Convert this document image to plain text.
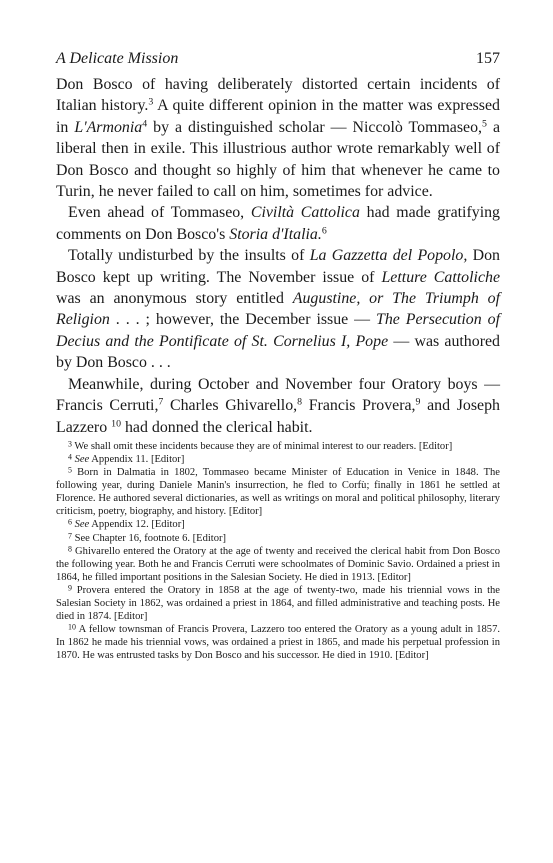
A Delicate Mission	157

Don Bosco of having deliberately distorted certain incidents of Italian history.$^3$ A quite different opinion in the matter was expressed in L'Armonia$^4$ by a distinguished scholar — Niccolò Tommaseo,$^5$ a liberal then in exile. This illustrious author wrote remarkably well of Don Bosco and thought so highly of him that whenever he came to Turin, he never failed to call on him, sometimes for advice.

Even ahead of Tommaseo, Civiltà Cattolica had made gratifying comments on Don Bosco's Storia d'Italia.$^6$

Totally undisturbed by the insults of La Gazzetta del Popolo, Don Bosco kept up writing. The November issue of Letture Cattoliche was an anonymous story entitled Augustine, or The Triumph of Religion . . . ; however, the December issue — The Persecution of Decius and the Pontificate of St. Cornelius I, Pope — was authored by Don Bosco . . .

Meanwhile, during October and November four Oratory boys — Francis Cerruti,$^7$ Charles Ghivarello,$^8$ Francis Provera,$^9$ and Joseph Lazzero $^{10}$ had donned the clerical habit.

$^3$ We shall omit these incidents because they are of minimal interest to our readers. [Editor]

$^4$ See Appendix 11. [Editor]

$^5$ Born in Dalmatia in 1802, Tommaseo became Minister of Education in Venice in 1848. The following year, during Daniele Manin's insurrection, he fled to Corfù; finally in 1861 he settled at Florence. He authored several dictionaries, as well as writings on moral and political philosophy, literary criticism, poetry, biography, and history. [Editor]

$^6$ See Appendix 12. [Editor]

$^7$ See Chapter 16, footnote 6. [Editor]

$^8$ Ghivarello entered the Oratory at the age of twenty and received the clerical habit from Don Bosco the following year. Both he and Francis Cerruti were schoolmates of Dominic Savio. Ordained a priest in 1864, he filled important positions in the Salesian Society. He died in 1913. [Editor]

$^9$ Provera entered the Oratory in 1858 at the age of twenty-two, made his triennial vows in the Salesian Society in 1862, was ordained a priest in 1864, and filled administrative and teaching posts. He died in 1874. [Editor]

$^{10}$ A fellow townsman of Francis Provera, Lazzero too entered the Oratory as a young adult in 1857. In 1862 he made his triennial vows, was ordained a priest in 1865, and made his perpetual profession in 1870. He was entrusted tasks by Don Bosco and his successor. He died in 1910. [Editor]
